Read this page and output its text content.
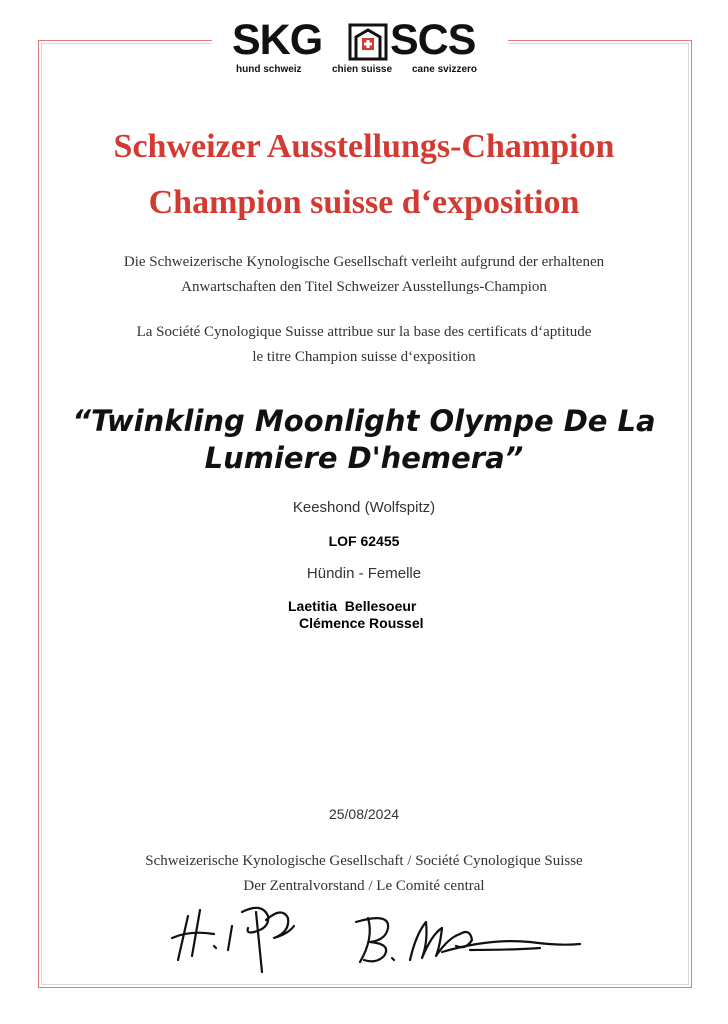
SKG SCS
hund schweiz	chien suisse cane svizzero
Schweizer Ausstellungs-Champion
Champion suisse d‘exposition
Die Schweizerische Kynologische Gesellschaft verleiht aufgrund der erhaltenen
Anwartschaften den Titel Schweizer Ausstellungs-Champion
La Société Cynologique Suisse attribue sur la base des certificats d‘aptitude
le titre Champion suisse d‘exposition
“Twinkling Moonlight Olympe De La
Lumiere D'hemera”
Keeshond (Wolfspitz)
LOF 62455
Hündin - Femelle
Laetitia  Bellesoeur
Clémence Roussel
25/08/2024
Schweizerische Kynologische Gesellschaft / Société Cynologique Suisse
Der Zentralvorstand / Le Comité central
